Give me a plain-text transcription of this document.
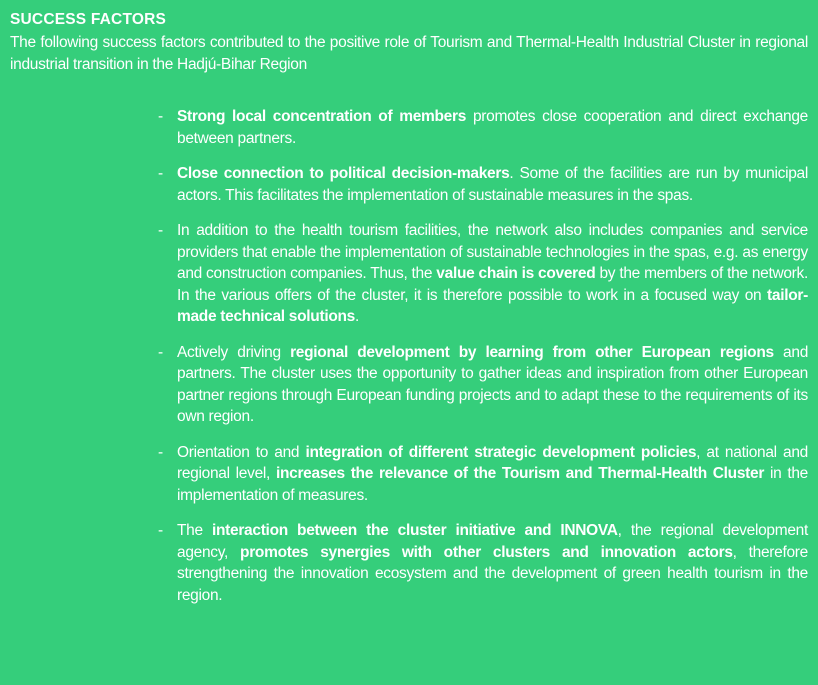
SUCCESS FACTORS

The following success factors contributed to the positive role of Tourism and Thermal-Health Industrial Cluster in regional industrial transition in the Hadjú-Bihar Region

- Strong local concentration of members promotes close cooperation and direct exchange between partners.
- Close connection to political decision-makers. Some of the facilities are run by municipal actors. This facilitates the implementation of sustainable measures in the spas.
- In addition to the health tourism facilities, the network also includes companies and service providers that enable the implementation of sustainable technologies in the spas, e.g. as energy and construction companies. Thus, the value chain is covered by the members of the network. In the various offers of the cluster, it is therefore possible to work in a focused way on tailor-made technical solutions.
- Actively driving regional development by learning from other European regions and partners. The cluster uses the opportunity to gather ideas and inspiration from other European partner regions through European funding projects and to adapt these to the requirements of its own region.
- Orientation to and integration of different strategic development policies, at national and regional level, increases the relevance of the Tourism and Thermal-Health Cluster in the implementation of measures.
- The interaction between the cluster initiative and INNOVA, the regional development agency, promotes synergies with other clusters and innovation actors, therefore strengthening the innovation ecosystem and the development of green health tourism in the region.
